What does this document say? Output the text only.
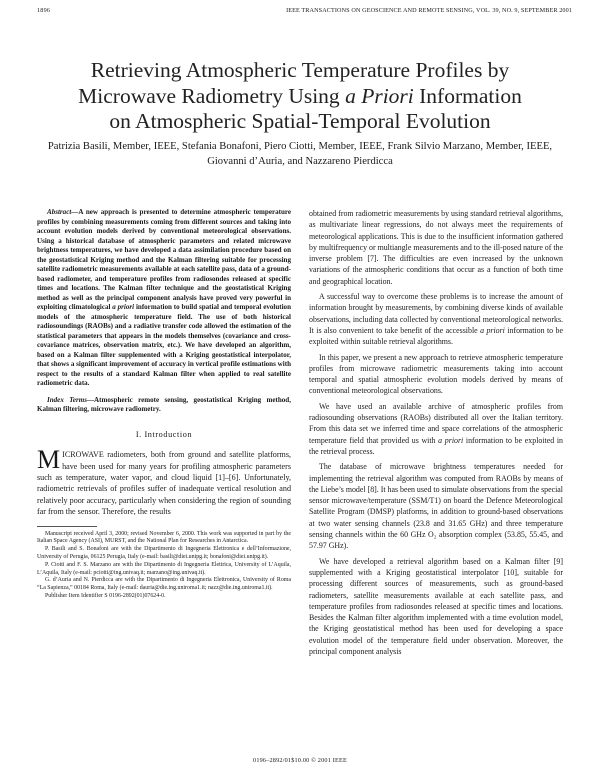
1896	IEEE TRANSACTIONS ON GEOSCIENCE AND REMOTE SENSING, VOL. 39, NO. 9, SEPTEMBER 2001
Retrieving Atmospheric Temperature Profiles by
Microwave Radiometry Using a Priori Information
on Atmospheric Spatial-Temporal Evolution
Patrizia Basili, Member, IEEE, Stefania Bonafoni, Piero Ciotti, Member, IEEE, Frank Silvio Marzano, Member, IEEE,
Giovanni d’Auria, and Nazzareno Pierdicca

Abstract—A new approach is presented to determine atmospheric temperature profiles by combining measurements coming from different sources and taking into account evolution models derived by conventional meteorological observations. Using a historical database of atmospheric parameters and related microwave brightness temperatures, we have developed a data assimilation procedure based on the geostatistical Kriging method and the Kalman filtering suitable for processing satellite radiometric measurements available at each satellite pass, data of a ground-based radiometer, and temperature profiles from radiosondes released at specific times and locations. The Kalman filter technique and the geostatistical Kriging method as well as the principal component analysis have proved very powerful in exploiting climatological a priori information to build spatial and temporal evolution models of the atmospheric temperature field. The use of both historical radiosoundings (RAOBs) and a radiative transfer code allowed the estimation of the statistical parameters that appears in the models themselves (covariance and cross-covariance matrices, observation matrix, etc.). We have developed an algorithm, based on a Kalman filter supplemented with a Kriging geostatistical interpolator, that shows a significant improvement of accuracy in vertical profile estimations with respect to the results of a standard Kalman filter when applied to real satellite radiometric data.

Index Terms—Atmospheric remote sensing, geostatistical Kriging method, Kalman filtering, microwave radiometry.

I. Introduction

MICROWAVE radiometers, both from ground and satellite platforms, have been used for many years for profiling atmospheric parameters such as temperature, water vapor, and cloud liquid [1]–[6]. Unfortunately, radiometric retrievals of profiles suffer of inadequate vertical resolution and relatively poor accuracy, particularly when considering the region of sounding far from the sensor. Therefore, the results

Manuscript received April 3, 2000; revised November 6, 2000. This work was supported in part by the Italian Space Agency (ASI), MURST, and the National Plan for Researches in Antarctica.

P. Basili and S. Bonafoni are with the Dipartimento di Ingegneria Elettronica e dell’Informazione, University of Perugia, 06125 Perugia, Italy (e-mail: basili@diei.unipg.it; bonafoni@diei.unipg.it).

P. Ciotti and F. S. Marzano are with the Dipartimento di Ingegneria Elettrica, University of L’Aquila, L’Aquila, Italy (e-mail: pciotti@ing.univaq.it; marzano@ing.univaq.it).

G. d’Auria and N. Pierdicca are with the Dipartimento di Ingegneria Elettronica, University of Roma “La Sapienza,” 00184 Roma, Italy (e-mail: dauria@die.ing.uniroma1.it; nazz@die.ing.uniroma1.it).

Publisher Item Identifier S 0196-2892(01)07624-0.

obtained from radiometric measurements by using standard retrieval algorithms, as multivariate linear regressions, do not always meet the requirements of meteorological applications. This is due to the insufficient information gathered by multifrequency or multiangle measurements and to the ill-posed nature of the inverse problem [7]. The difficulties are even increased by the unknown variations of the atmospheric conditions that occur as a function of both time and geographical location.

A successful way to overcome these problems is to increase the amount of information brought by measurements, by combining diverse kinds of available observations, including data collected by conventional meteorological networks. It is also convenient to take benefit of the accessible a priori information to be exploited within suitable retrieval algorithms.

In this paper, we present a new approach to retrieve atmospheric temperature profiles from microwave radiometric measurements taking into account temporal and spatial atmospheric evolution models derived by means of conventional meteorological observations.

We have used an available archive of atmospheric profiles from radiosounding observations (RAOBs) distributed all over the Italian territory. From this data set we inferred time and space correlations of the atmospheric temperature field that provided us with a priori information to be exploited in the retrieval process.

The database of microwave brightness temperatures needed for implementing the retrieval algorithm was computed from RAOBs by means of the Liebe’s model [8]. It has been used to simulate observations from the special sensor microwave/temperature (SSM/T1) on board the Defence Meteorological Satellite Program (DMSP) platforms, in addition to ground-based observations at two water sensing channels (23.8 and 31.65 GHz) and three temperature sensing channels within the 60 GHz O₂ absorption complex (53.85, 55.45, and 57.97 GHz).

We have developed a retrieval algorithm based on a Kalman filter [9] supplemented with a Kriging geostatistical interpolator [10], suitable for processing different sources of measurements, such as ground-based radiometers, satellite measurements available at each satellite pass, and temperature profiles from radiosondes released at specific times and locations. Besides the Kalman filter algorithm implemented with a time evolution model, the Kriging geostatistical method has been used for developing a space evolution model of the temperature field under observation. Moreover, the principal component analysis

0196–2892/01$10.00 © 2001 IEEE
